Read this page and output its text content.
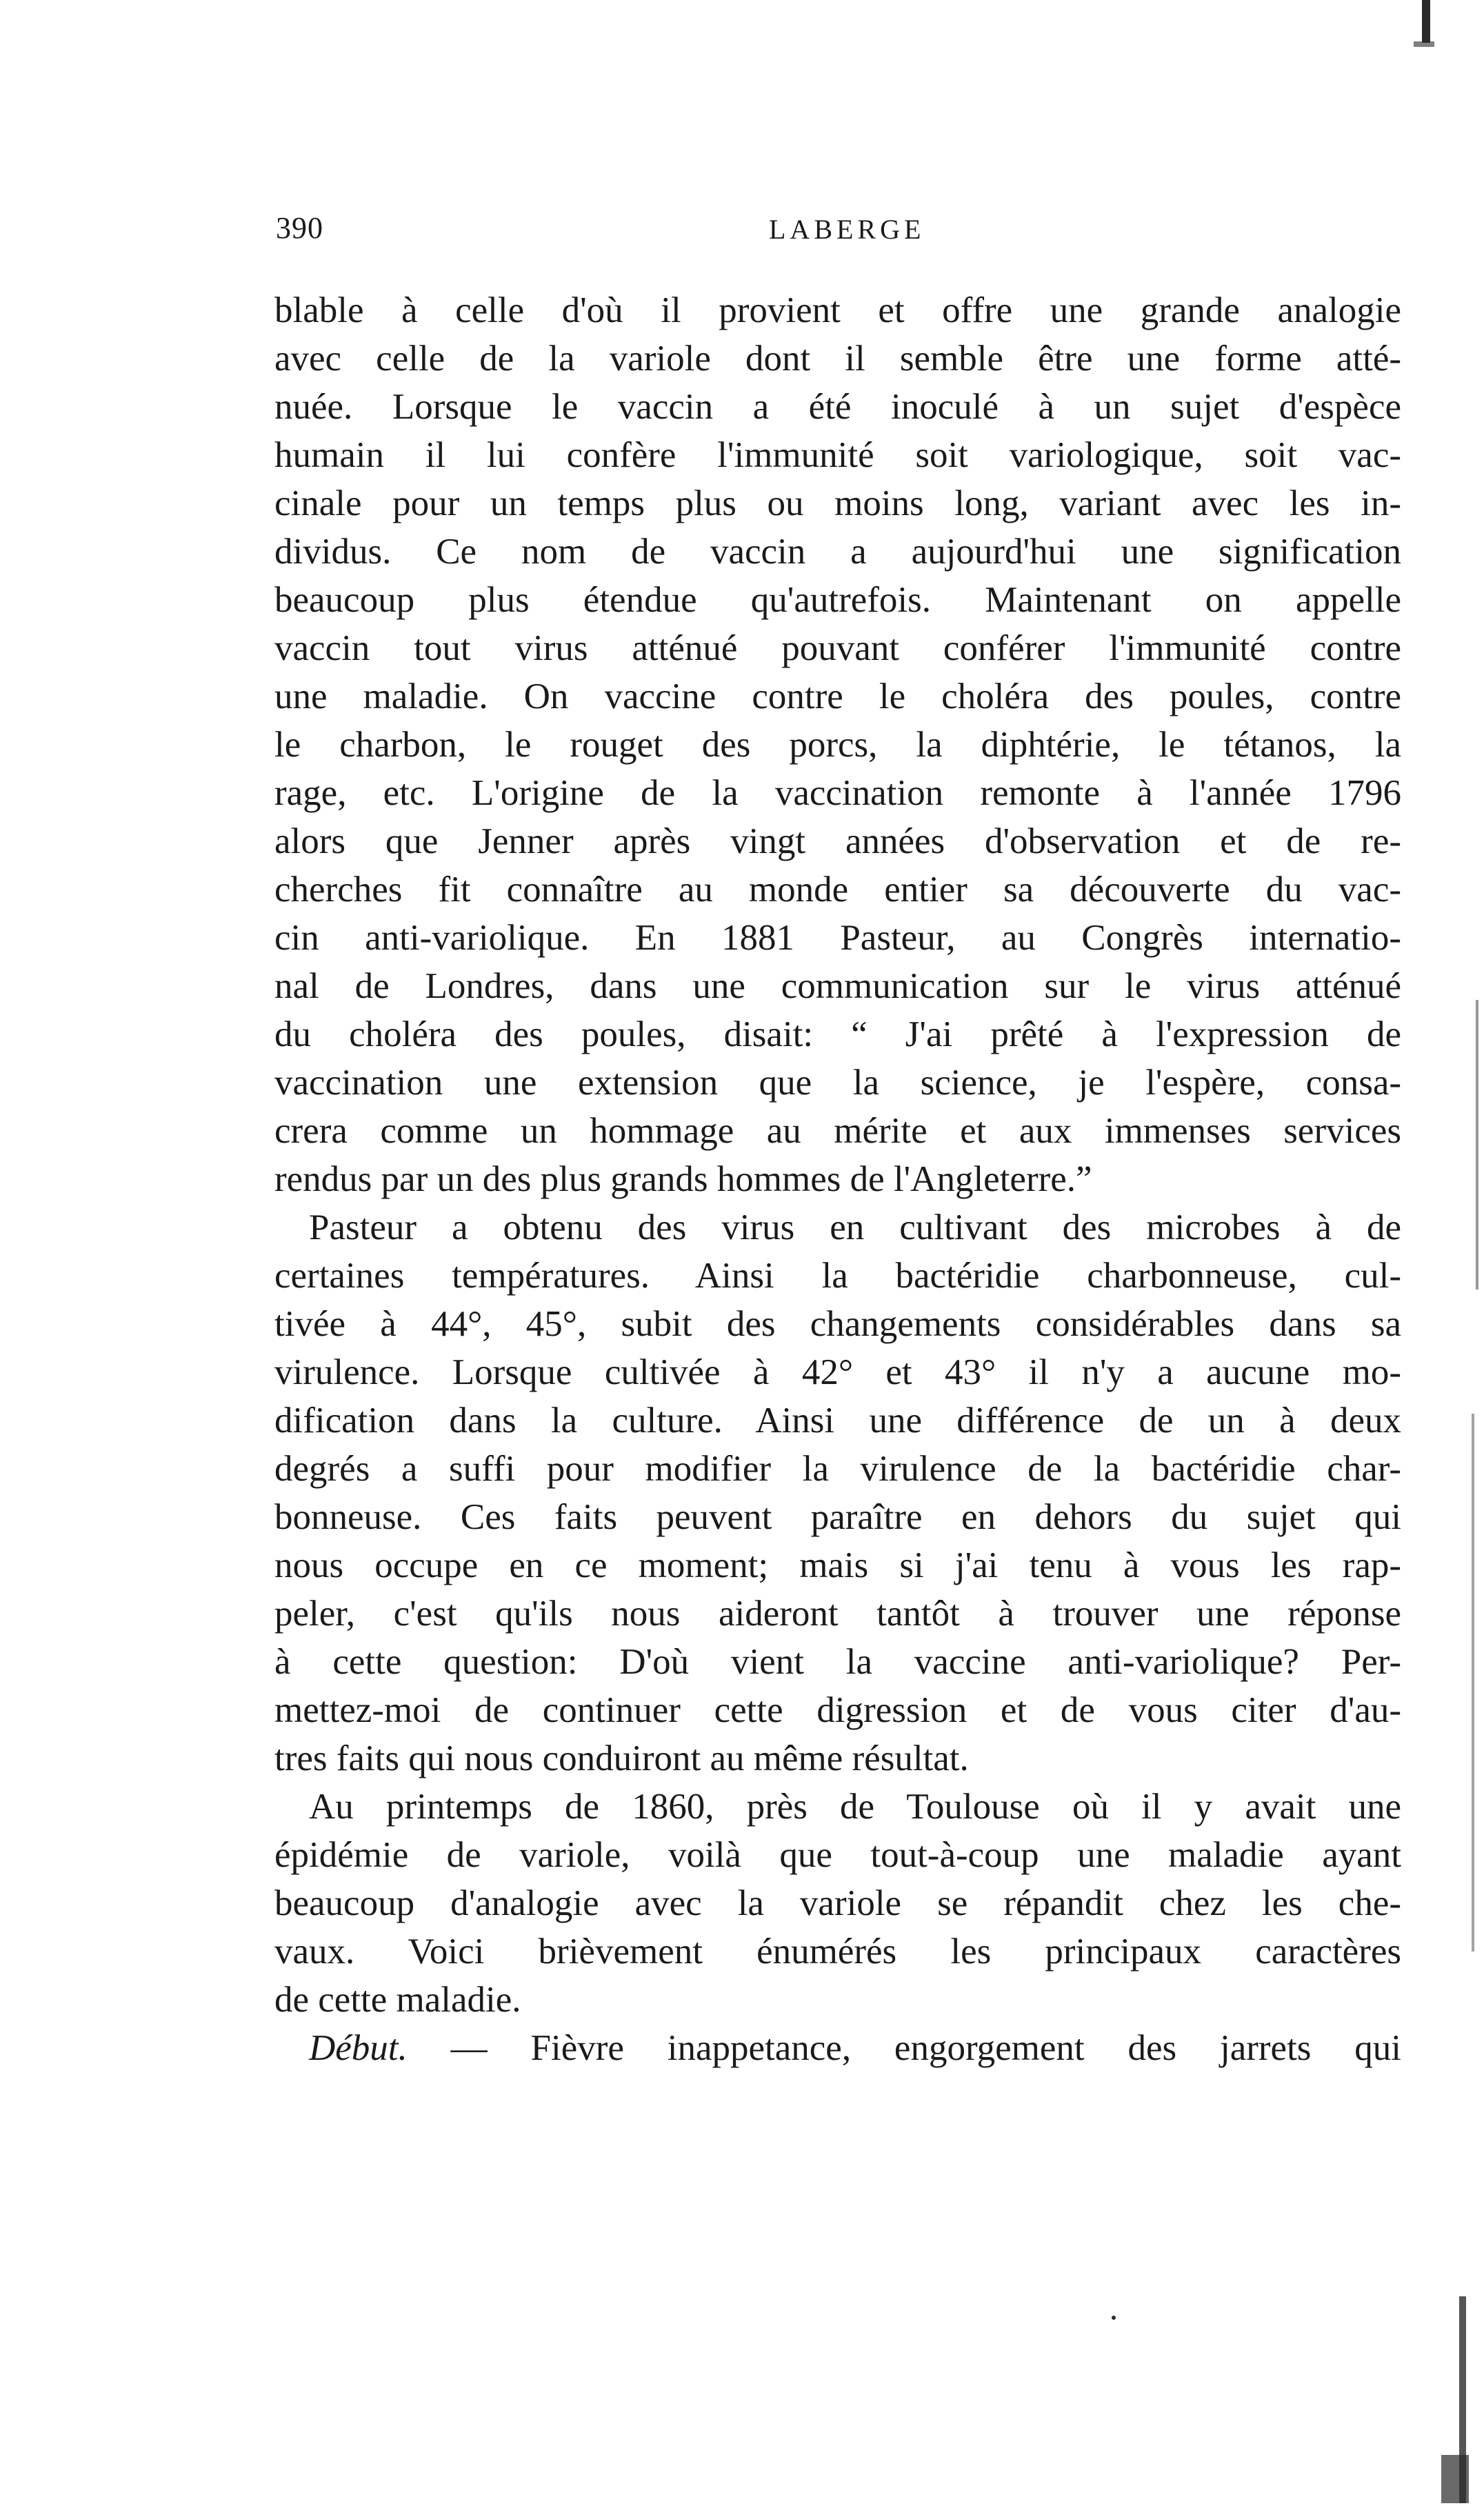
390	LABERGE
blable à celle d'où il provient et offre une grande analogie
avec celle de la variole dont il semble être une forme atté-
nuée. Lorsque le vaccin a été inoculé à un sujet d'espèce
humain il lui confère l'immunité soit variologique, soit vac-
cinale pour un temps plus ou moins long, variant avec les in-
dividus. Ce nom de vaccin a aujourd'hui une signification
beaucoup plus étendue qu'autrefois. Maintenant on appelle
vaccin tout virus atténué pouvant conférer l'immunité contre
une maladie. On vaccine contre le choléra des poules, contre
le charbon, le rouget des porcs, la diphtérie, le tétanos, la
rage, etc. L'origine de la vaccination remonte à l'année 1796
alors que Jenner après vingt années d'observation et de re-
cherches fit connaître au monde entier sa découverte du vac-
cin anti-variolique. En 1881 Pasteur, au Congrès internatio-
nal de Londres, dans une communication sur le virus atténué
du choléra des poules, disait: “ J'ai prêté à l'expression de
vaccination une extension que la science, je l'espère, consa-
crera comme un hommage au mérite et aux immenses services
rendus par un des plus grands hommes de l'Angleterre.”
Pasteur a obtenu des virus en cultivant des microbes à de
certaines températures. Ainsi la bactéridie charbonneuse, cul-
tivée à 44°, 45°, subit des changements considérables dans sa
virulence. Lorsque cultivée à 42° et 43° il n'y a aucune mo-
dification dans la culture. Ainsi une différence de un à deux
degrés a suffi pour modifier la virulence de la bactéridie char-
bonneuse. Ces faits peuvent paraître en dehors du sujet qui
nous occupe en ce moment; mais si j'ai tenu à vous les rap-
peler, c'est qu'ils nous aideront tantôt à trouver une réponse
à cette question: D'où vient la vaccine anti-variolique? Per-
mettez-moi de continuer cette digression et de vous citer d'au-
tres faits qui nous conduiront au même résultat.
Au printemps de 1860, près de Toulouse où il y avait une
épidémie de variole, voilà que tout-à-coup une maladie ayant
beaucoup d'analogie avec la variole se répandit chez les che-
vaux. Voici brièvement énumérés les principaux caractères
de cette maladie.
Début. — Fièvre inappetance, engorgement des jarrets qui
